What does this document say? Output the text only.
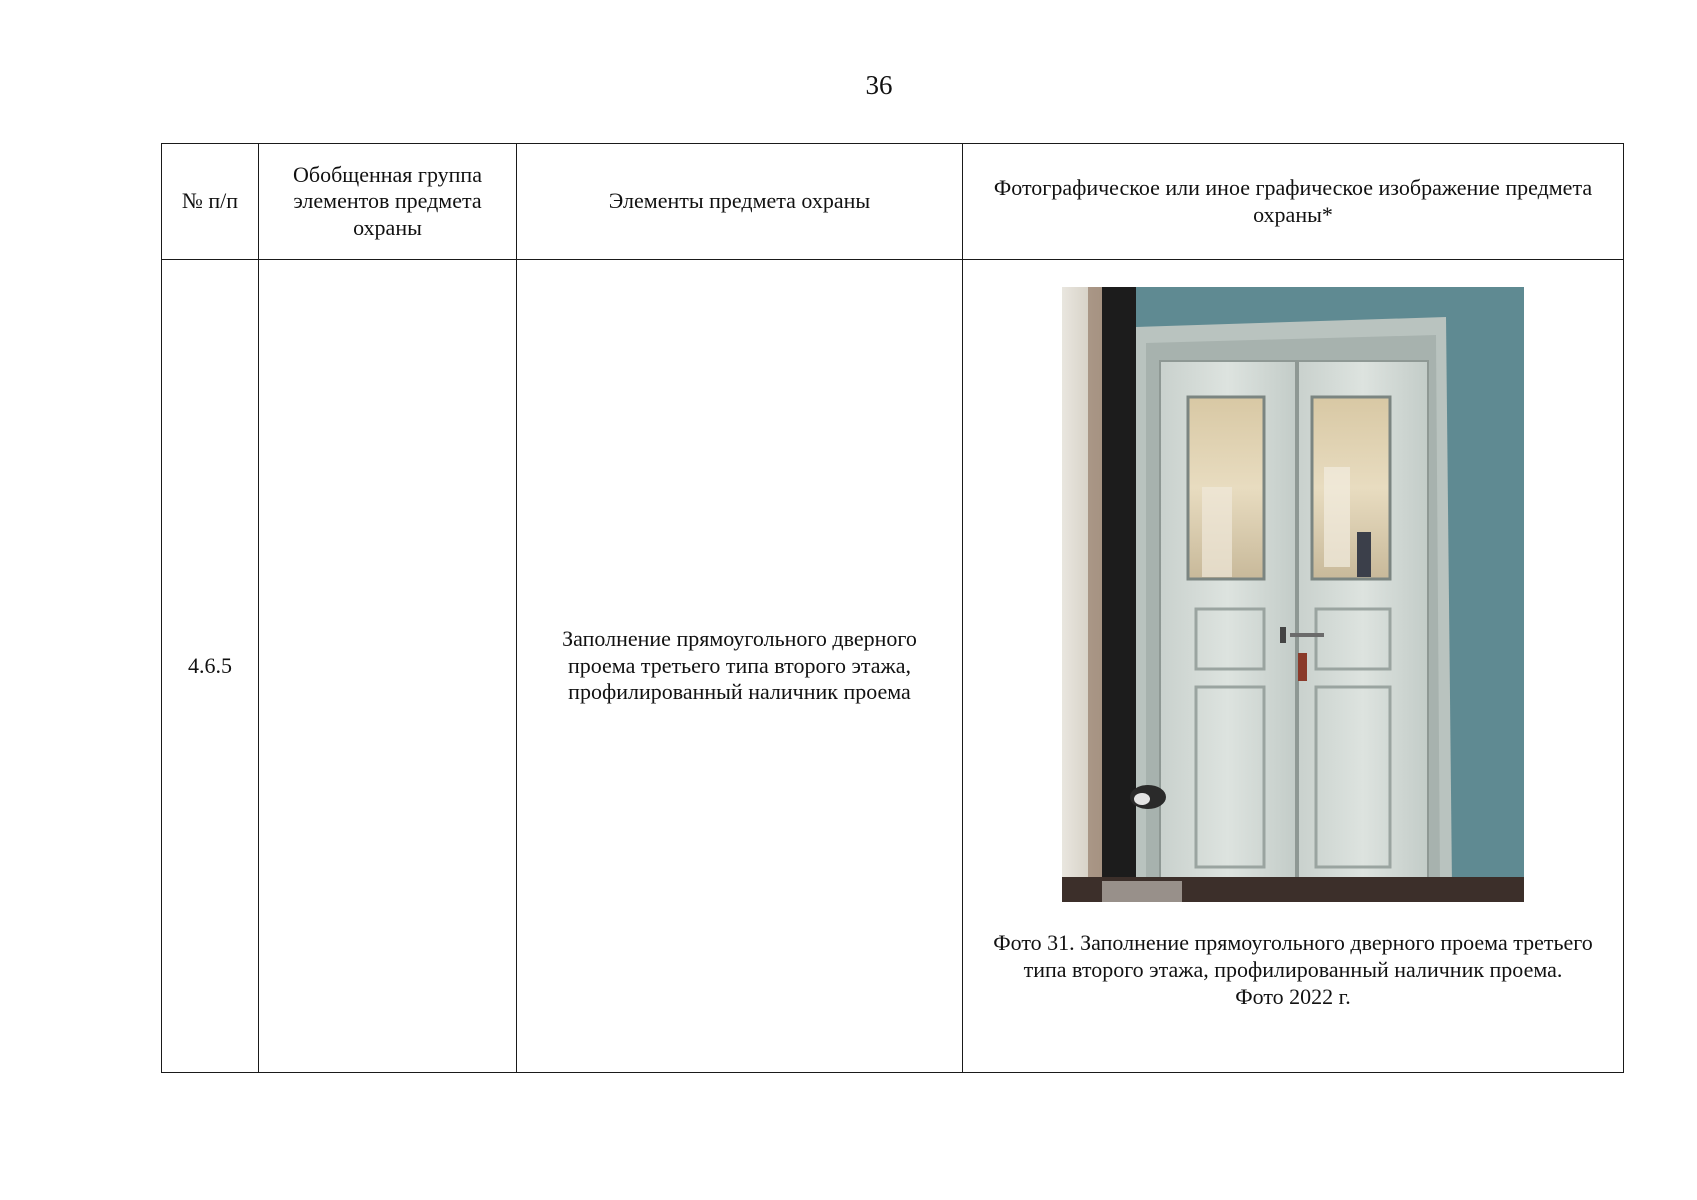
36
№ п/п	Обобщенная группа элементов предмета охраны	Элементы предмета охраны	Фотографическое или иное графическое изображение предмета охраны*
4.6.5		Заполнение прямоугольного дверного проема третьего типа второго этажа, профилированный наличник проема	Фото 31. Заполнение прямоугольного дверного проема третьего типа второго этажа, профилированный наличник проема.
Фото 2022 г.
